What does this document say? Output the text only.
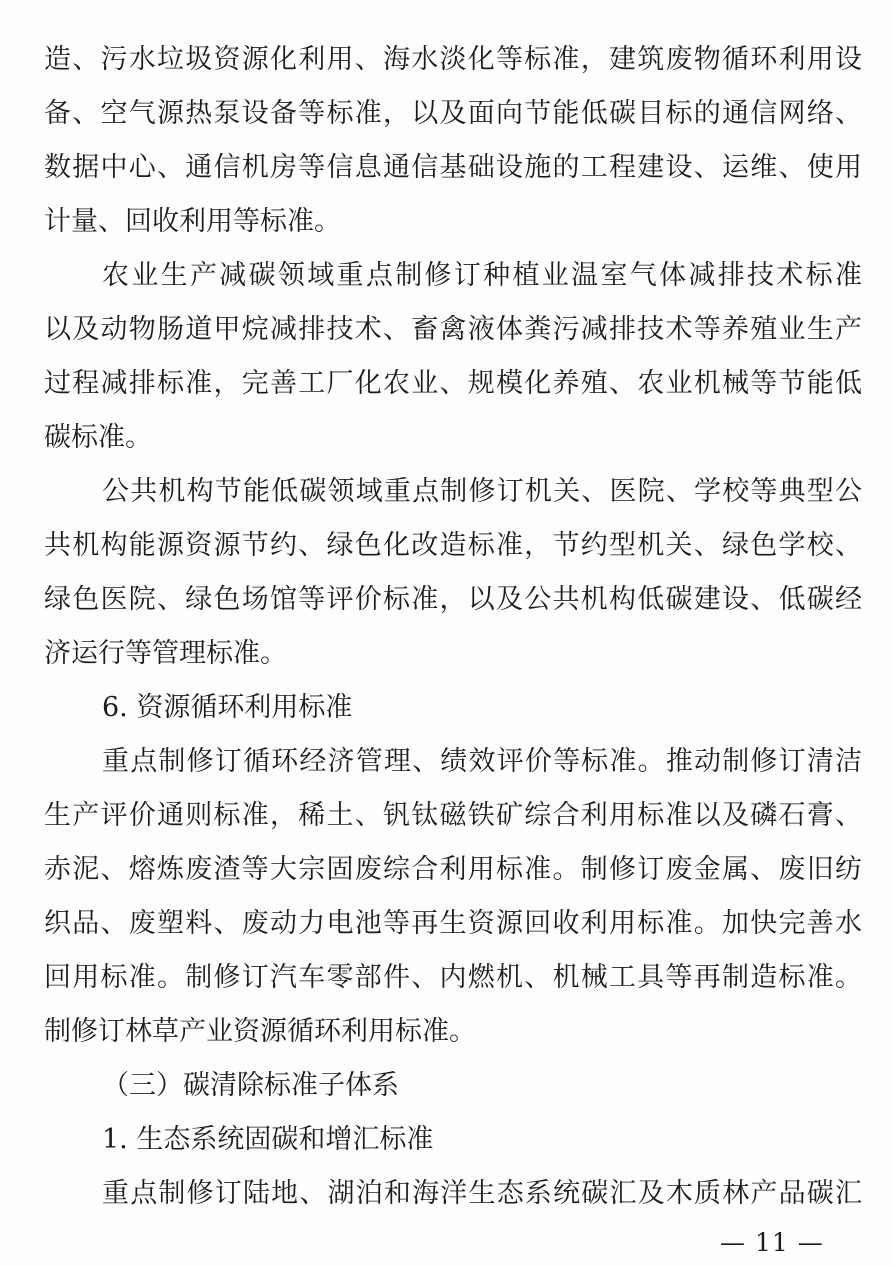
造、污水垃圾资源化利用、海水淡化等标准，建筑废物循环利用设
备、空气源热泵设备等标准，以及面向节能低碳目标的通信网络、
数据中心、通信机房等信息通信基础设施的工程建设、运维、使用
计量、回收利用等标准。
农业生产减碳领域重点制修订种植业温室气体减排技术标准
以及动物肠道甲烷减排技术、畜禽液体粪污减排技术等养殖业生产
过程减排标准，完善工厂化农业、规模化养殖、农业机械等节能低
碳标准。
公共机构节能低碳领域重点制修订机关、医院、学校等典型公
共机构能源资源节约、绿色化改造标准，节约型机关、绿色学校、
绿色医院、绿色场馆等评价标准，以及公共机构低碳建设、低碳经
济运行等管理标准。
6. 资源循环利用标准
重点制修订循环经济管理、绩效评价等标准。推动制修订清洁
生产评价通则标准，稀土、钒钛磁铁矿综合利用标准以及磷石膏、
赤泥、熔炼废渣等大宗固废综合利用标准。制修订废金属、废旧纺
织品、废塑料、废动力电池等再生资源回收利用标准。加快完善水
回用标准。制修订汽车零部件、内燃机、机械工具等再制造标准。
制修订林草产业资源循环利用标准。
（三）碳清除标准子体系
1. 生态系统固碳和增汇标准
重点制修订陆地、湖泊和海洋生态系统碳汇及木质林产品碳汇
— 11 —
